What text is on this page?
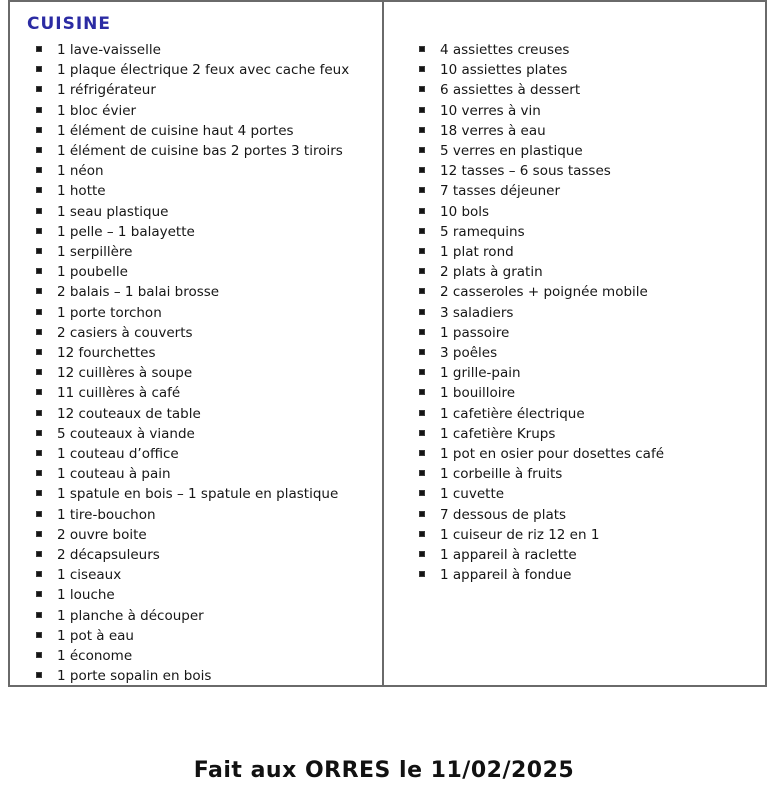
CUISINE
1 lave-vaisselle
1 plaque électrique 2 feux avec cache feux
1 réfrigérateur
1 bloc évier
1 élément de cuisine haut 4 portes
1 élément de cuisine bas 2 portes 3 tiroirs
1 néon
1 hotte
1 seau plastique
1 pelle – 1 balayette
1 serpillère
1 poubelle
2 balais – 1 balai brosse
1 porte torchon
2 casiers à couverts
12 fourchettes
12 cuillères à soupe
11 cuillères à café
12 couteaux de table
5 couteaux à viande
1 couteau d’office
1 couteau à pain
1 spatule en bois – 1 spatule en plastique
1 tire-bouchon
2 ouvre boite
2 décapsuleurs
1 ciseaux
1 louche
1 planche à découper
1 pot à eau
1 économe
1 porte sopalin en bois
4 assiettes creuses
10 assiettes plates
6 assiettes à dessert
10 verres à vin
18 verres à eau
5 verres en plastique
12 tasses – 6 sous tasses
7 tasses déjeuner
10 bols
5 ramequins
1 plat rond
2 plats à gratin
2 casseroles + poignée mobile
3 saladiers
1 passoire
3 poêles
1 grille-pain
1 bouilloire
1 cafetière électrique
1 cafetière Krups
1 pot en osier pour dosettes café
1 corbeille à fruits
1 cuvette
7 dessous de plats
1 cuiseur de riz 12 en 1
1 appareil à raclette
1 appareil à fondue
Fait aux ORRES le 11/02/2025
